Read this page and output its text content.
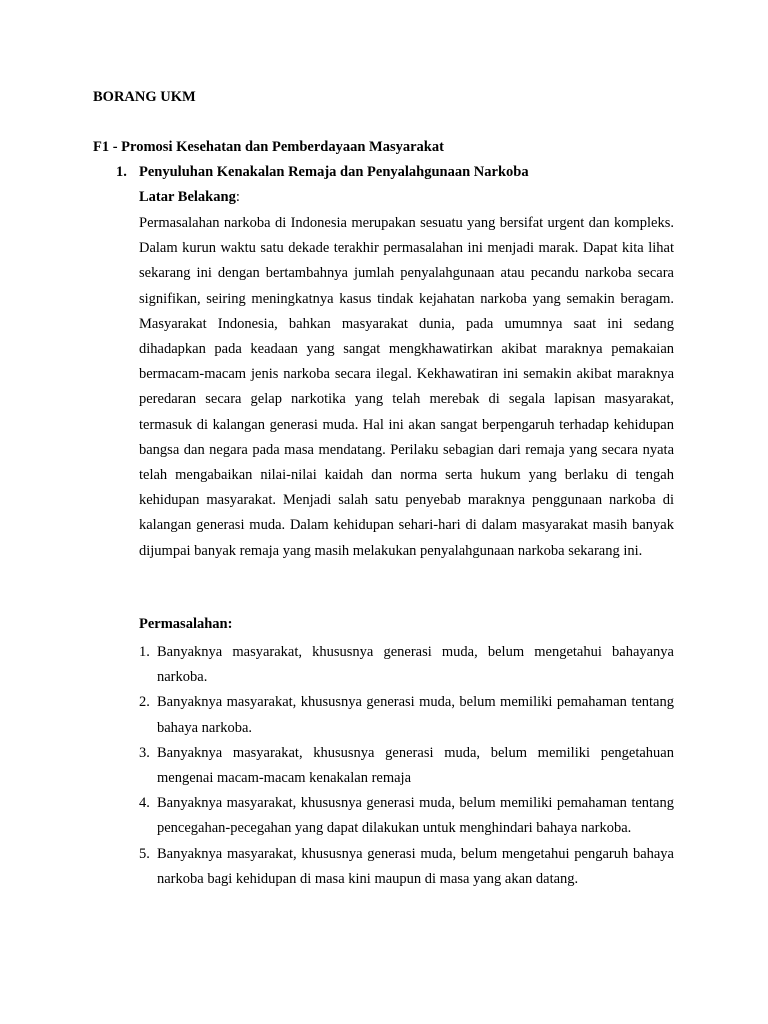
BORANG UKM
F1 - Promosi Kesehatan dan Pemberdayaan Masyarakat
1. Penyuluhan Kenakalan Remaja dan Penyalahgunaan Narkoba
Latar Belakang:
Permasalahan narkoba di Indonesia merupakan sesuatu yang bersifat urgent dan kompleks. Dalam kurun waktu satu dekade terakhir permasalahan ini menjadi marak. Dapat kita lihat sekarang ini dengan bertambahnya jumlah penyalahgunaan atau pecandu narkoba secara signifikan, seiring meningkatnya kasus tindak kejahatan narkoba yang semakin beragam. Masyarakat Indonesia, bahkan masyarakat dunia, pada umumnya saat ini sedang dihadapkan pada keadaan yang sangat mengkhawatirkan akibat maraknya pemakaian bermacam-macam jenis narkoba secara ilegal. Kekhawatiran ini semakin akibat maraknya peredaran secara gelap narkotika yang telah merebak di segala lapisan masyarakat, termasuk di kalangan generasi muda. Hal ini akan sangat berpengaruh terhadap kehidupan bangsa dan negara pada masa mendatang. Perilaku sebagian dari remaja yang secara nyata telah mengabaikan nilai-nilai kaidah dan norma serta hukum yang berlaku di tengah kehidupan masyarakat. Menjadi salah satu penyebab maraknya penggunaan narkoba di kalangan generasi muda. Dalam kehidupan sehari-hari di dalam masyarakat masih banyak dijumpai banyak remaja yang masih melakukan penyalahgunaan narkoba sekarang ini.
Permasalahan:
1. Banyaknya masyarakat, khususnya generasi muda, belum mengetahui bahayanya narkoba.
2. Banyaknya masyarakat, khususnya generasi muda, belum memiliki pemahaman tentang bahaya narkoba.
3. Banyaknya masyarakat, khususnya generasi muda, belum memiliki pengetahuan mengenai macam-macam kenakalan remaja
4. Banyaknya masyarakat, khususnya generasi muda, belum memiliki pemahaman tentang pencegahan-pecegahan yang dapat dilakukan untuk menghindari bahaya narkoba.
5. Banyaknya masyarakat, khususnya generasi muda, belum mengetahui pengaruh bahaya narkoba bagi kehidupan di masa kini maupun di masa yang akan datang.
